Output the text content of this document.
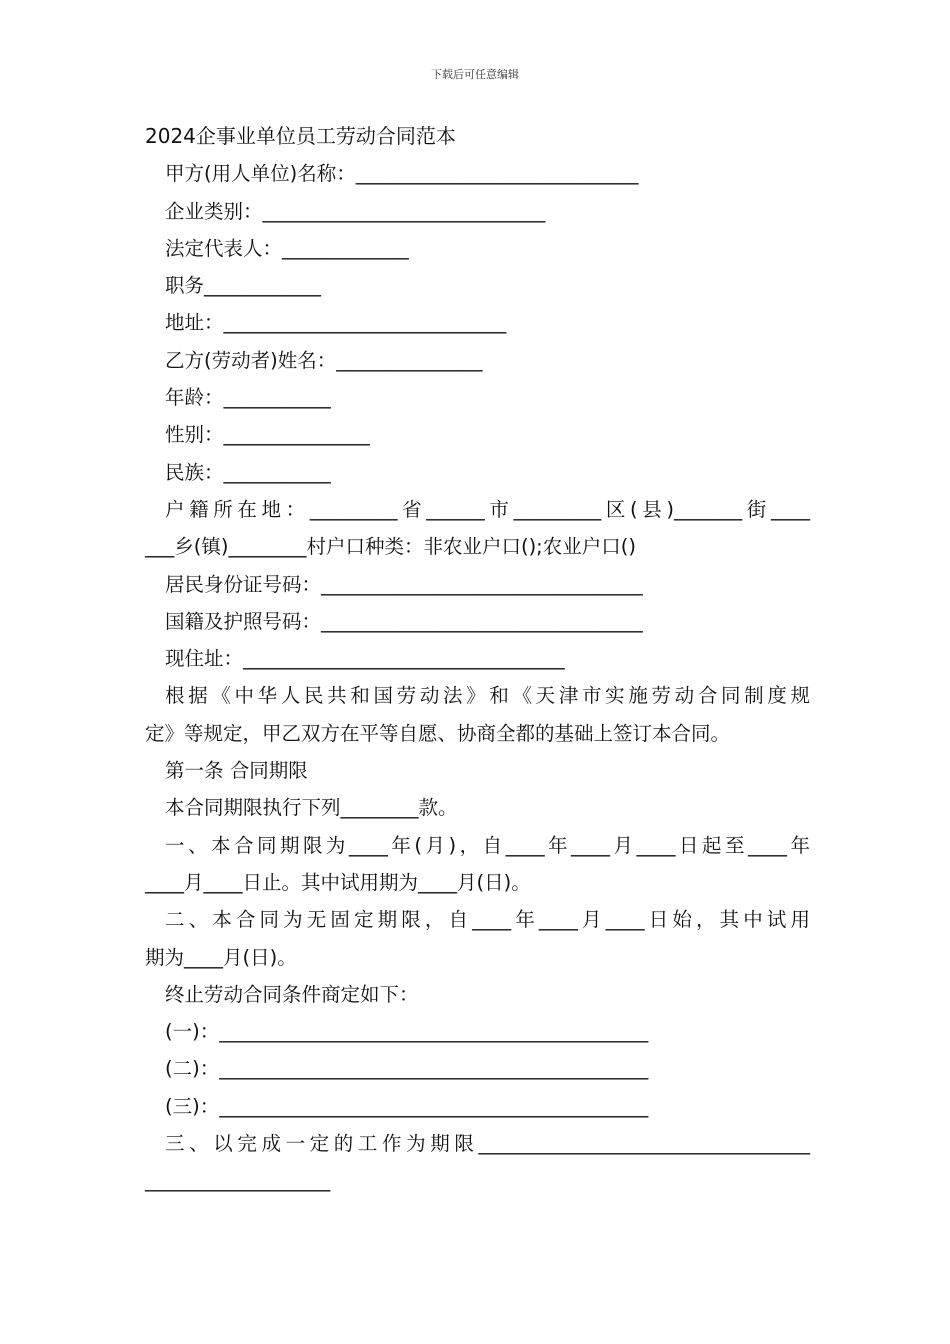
下载后可任意编辑
2024企事业单位员工劳动合同范本
甲方(用人单位)名称：_____________________________
企业类别：_____________________________
法定代表人：_____________
职务____________
地址：_____________________________
乙方(劳动者)姓名：_______________
年龄：___________
性别：_______________
民族：___________
户籍所在地：_________省______市_________区(县)_______街____
___乡(镇)________村户口种类：非农业户口();农业户口()
居民身份证号码：_________________________________
国籍及护照号码：_________________________________
现住址：_________________________________
根据《中华人民共和国劳动法》和《天津市实施劳动合同制度规
定》等规定，甲乙双方在平等自愿、协商全都的基础上签订本合同。
第一条 合同期限
本合同期限执行下列________款。
一、本合同期限为____年(月)，自____年____月____日起至____年
____月____日止。其中试用期为____月(日)。
二、本合同为无固定期限，自____年____月____日始，其中试用
期为____月(日)。
终止劳动合同条件商定如下：
(一)：____________________________________________
(二)：____________________________________________
(三)：____________________________________________
三、以完成一定的工作为期限__________________________________
___________________
